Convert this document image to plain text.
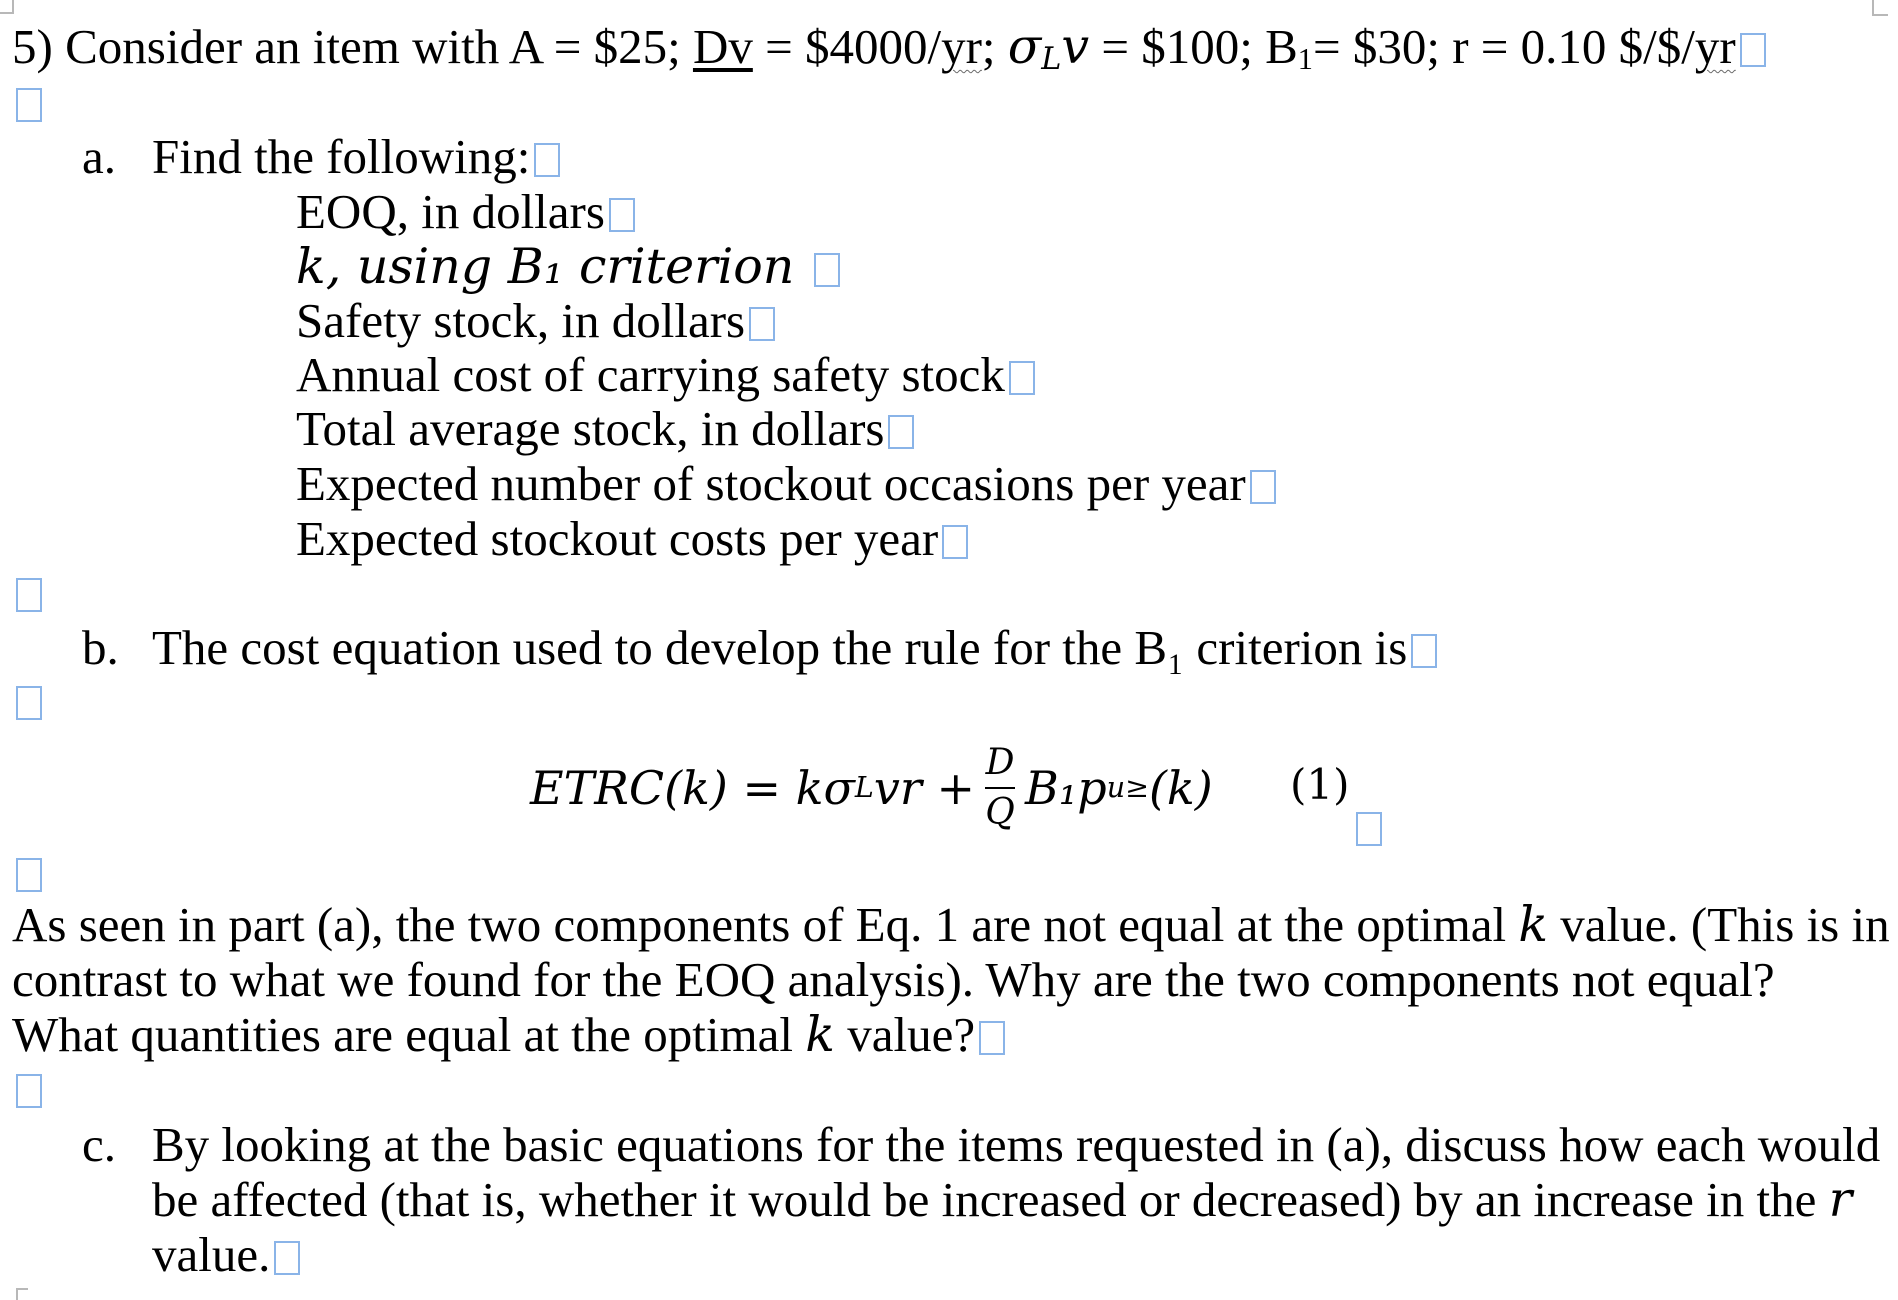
5) Consider an item with A = $25; Dv = $4000/yr; $\sigma_Lv$ = $100; $B_1=$ $30; r = 0.10 $/$/yr
a. Find the following:
EOQ, in dollars
k, using B₁ criterion
Safety stock, in dollars
Annual cost of carrying safety stock
Total average stock, in dollars
Expected number of stockout occasions per year
Expected stockout costs per year
b. The cost equation used to develop the rule for the B₁ criterion is
ETRC(k) = kσ L vr + $\frac{D}{Q} B_1p$ u≥ (k) (1)
As seen in part (a), the two components of Eq. 1 are not equal at the optimal k value. (This is in
contrast to what we found for the EOQ analysis). Why are the two components not equal?
What quantities are equal at the optimal k value?
c. By looking at the basic equations for the items requested in (a), discuss how each would
be affected (that is, whether it would be increased or decreased) by an increase in the r
value.
